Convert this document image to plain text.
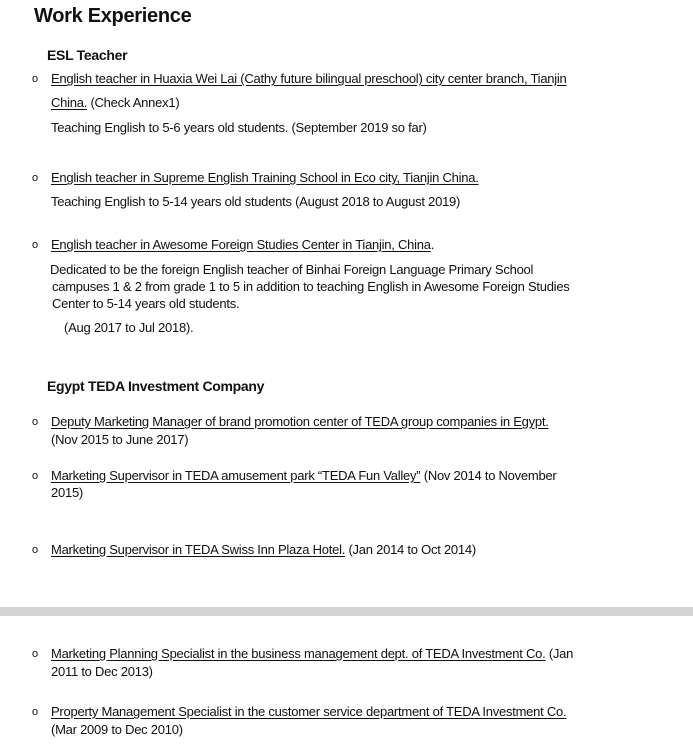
Work Experience
ESL Teacher
o English teacher in Huaxia Wei Lai (Cathy future bilingual preschool) city center branch, Tianjin
China. (Check Annex1)
Teaching English to 5-6 years old students. (September 2019 so far)
o English teacher in Supreme English Training School in Eco city, Tianjin China.
Teaching English to 5-14 years old students (August 2018 to August 2019)
o English teacher in Awesome Foreign Studies Center in Tianjin, China.
Dedicated to be the foreign English teacher of Binhai Foreign Language Primary School
campuses 1 & 2 from grade 1 to 5 in addition to teaching English in Awesome Foreign Studies
Center to 5-14 years old students.
(Aug 2017 to Jul 2018).
Egypt TEDA Investment Company
o Deputy Marketing Manager of brand promotion center of TEDA group companies in Egypt.
(Nov 2015 to June 2017)
o Marketing Supervisor in TEDA amusement park “TEDA Fun Valley” (Nov 2014 to November
2015)
o Marketing Supervisor in TEDA Swiss Inn Plaza Hotel. (Jan 2014 to Oct 2014)
o Marketing Planning Specialist in the business management dept. of TEDA Investment Co. (Jan
2011 to Dec 2013)
o Property Management Specialist in the customer service department of TEDA Investment Co.
(Mar 2009 to Dec 2010)
